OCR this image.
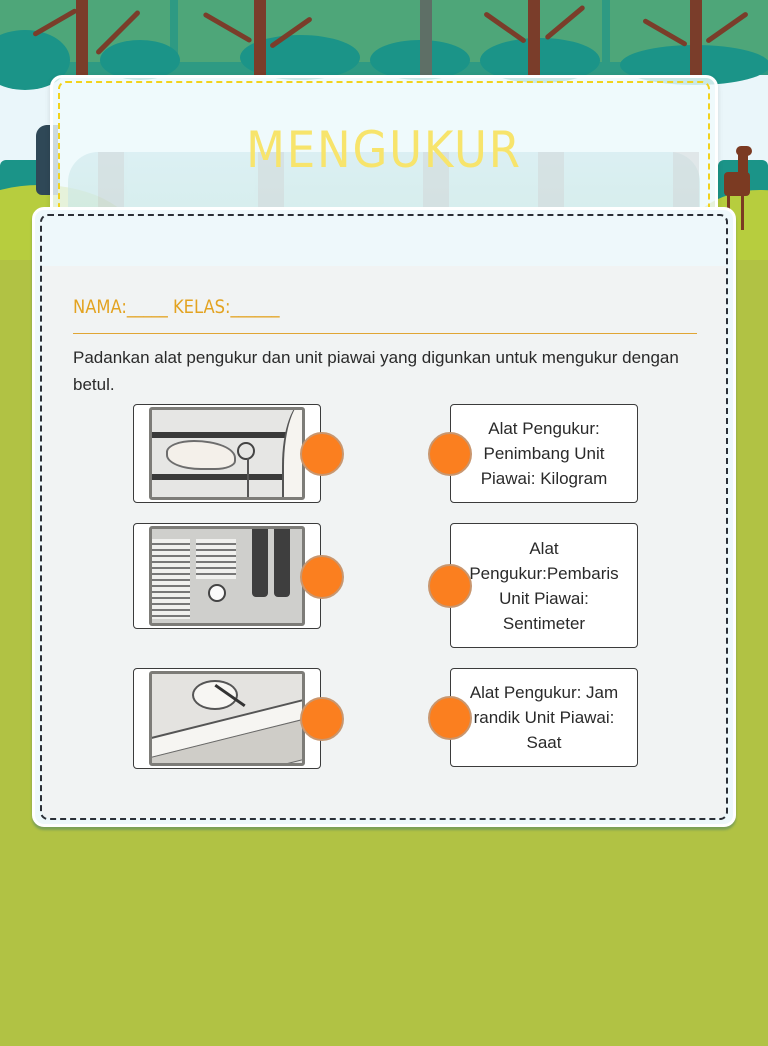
MENGUKUR
NAMA:_____ KELAS:______
Padankan alat pengukur dan unit piawai yang digunkan untuk mengukur dengan betul.
Alat Pengukur: Penimbang Unit Piawai: Kilogram
Alat Pengukur:Pembaris Unit Piawai: Sentimeter
Alat Pengukur: Jam randik Unit Piawai: Saat
